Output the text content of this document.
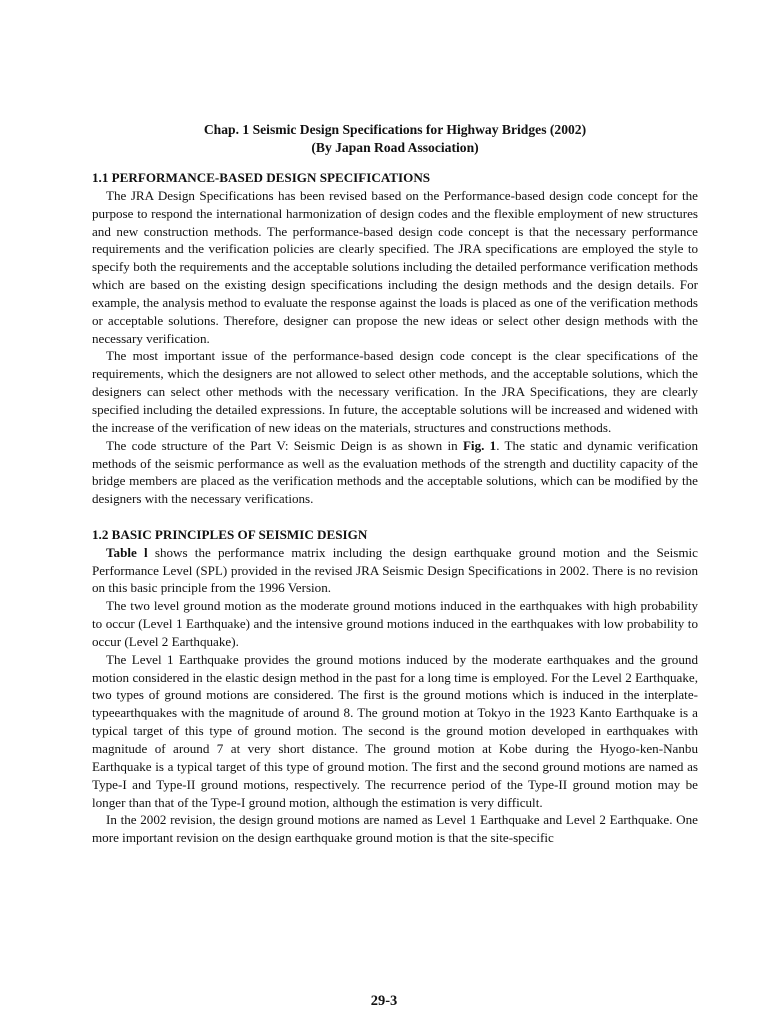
Chap. 1 Seismic Design Specifications for Highway Bridges (2002)
(By Japan Road Association)

1.1 PERFORMANCE-BASED DESIGN SPECIFICATIONS

The JRA Design Specifications has been revised based on the Performance-based design code concept for the purpose to respond the international harmonization of design codes and the flexible employment of new structures and new construction methods. The performance-based design code concept is that the necessary performance requirements and the verification policies are clearly specified. The JRA specifications are employed the style to specify both the requirements and the acceptable solutions including the detailed performance verification methods which are based on the existing design specifications including the design methods and the design details. For example, the analysis method to evaluate the response against the loads is placed as one of the verification methods or acceptable solutions. Therefore, designer can propose the new ideas or select other design methods with the necessary verification.

The most important issue of the performance-based design code concept is the clear specifications of the requirements, which the designers are not allowed to select other methods, and the acceptable solutions, which the designers can select other methods with the necessary verification. In the JRA Specifications, they are clearly specified including the detailed expressions. In future, the acceptable solutions will be increased and widened with the increase of the verification of new ideas on the materials, structures and constructions methods.

The code structure of the Part V: Seismic Deign is as shown in Fig. 1. The static and dynamic verification methods of the seismic performance as well as the evaluation methods of the strength and ductility capacity of the bridge members are placed as the verification methods and the acceptable solutions, which can be modified by the designers with the necessary verifications.

1.2 BASIC PRINCIPLES OF SEISMIC DESIGN

Table l shows the performance matrix including the design earthquake ground motion and the Seismic Performance Level (SPL) provided in the revised JRA Seismic Design Specifications in 2002. There is no revision on this basic principle from the 1996 Version.

The two level ground motion as the moderate ground motions induced in the earthquakes with high probability to occur (Level 1 Earthquake) and the intensive ground motions induced in the earthquakes with low probability to occur (Level 2 Earthquake).

The Level 1 Earthquake provides the ground motions induced by the moderate earthquakes and the ground motion considered in the elastic design method in the past for a long time is employed. For the Level 2 Earthquake, two types of ground motions are considered. The first is the ground motions which is induced in the interplate-typeearthquakes with the magnitude of around 8. The ground motion at Tokyo in the 1923 Kanto Earthquake is a typical target of this type of ground motion. The second is the ground motion developed in earthquakes with magnitude of around 7 at very short distance. The ground motion at Kobe during the Hyogo-ken-Nanbu Earthquake is a typical target of this type of ground motion. The first and the second ground motions are named as Type-I and Type-II ground motions, respectively. The recurrence period of the Type-II ground motion may be longer than that of the Type-I ground motion, although the estimation is very difficult.

In the 2002 revision, the design ground motions are named as Level 1 Earthquake and Level 2 Earthquake. One more important revision on the design earthquake ground motion is that the site-specific

29-3
